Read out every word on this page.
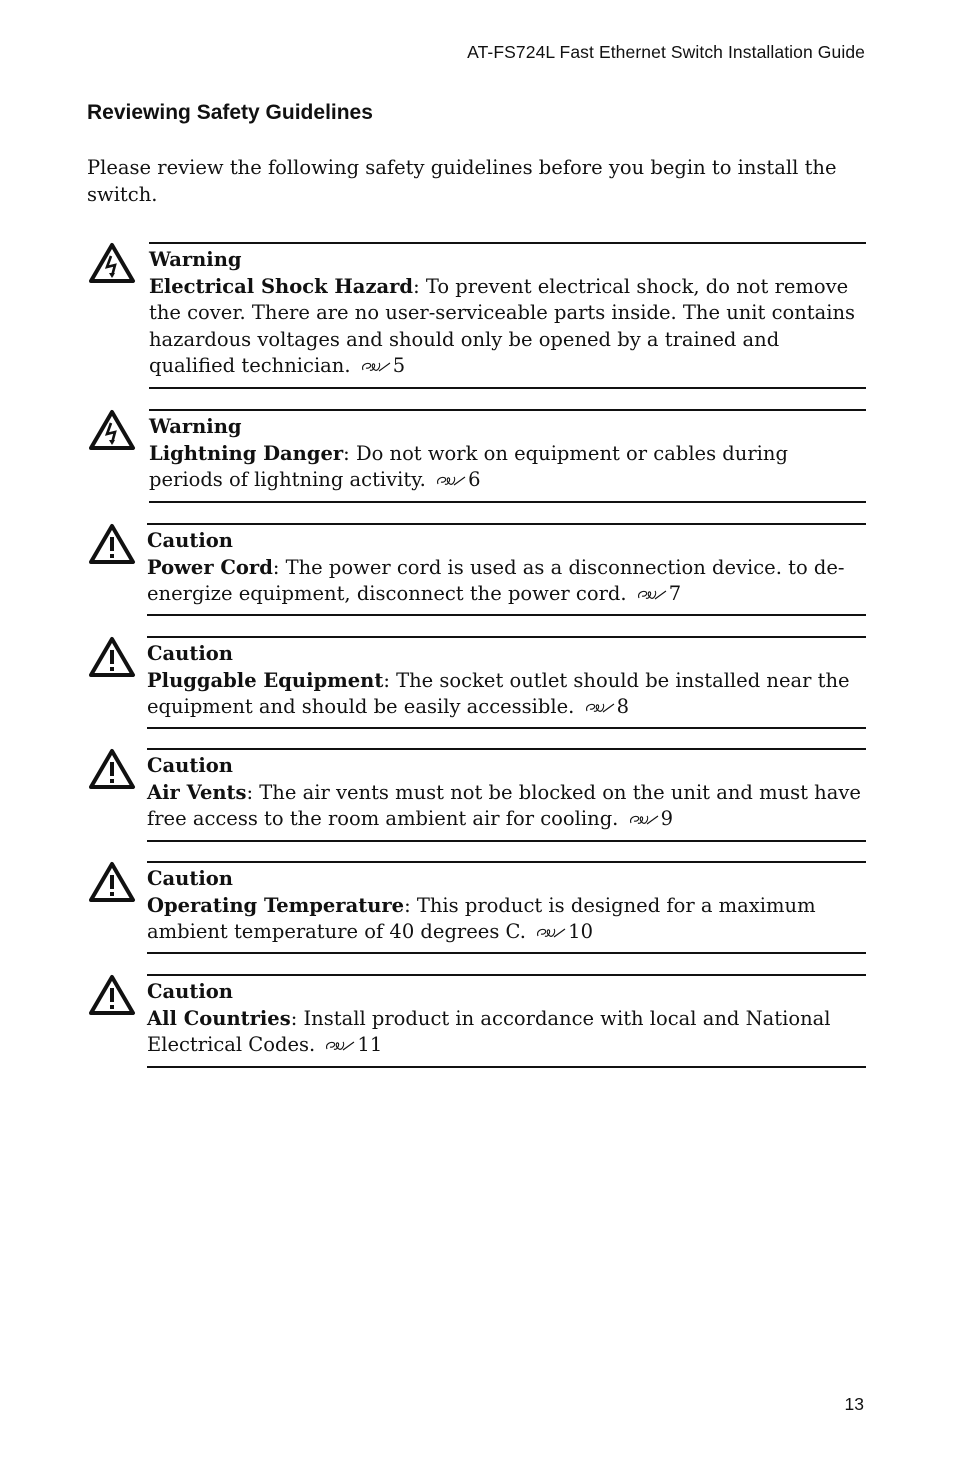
AT-FS724L Fast Ethernet Switch Installation Guide
Reviewing Safety Guidelines

Please review the following safety guidelines before you begin to install the switch.

Warning
Electrical Shock Hazard: To prevent electrical shock, do not remove the cover. There are no user-serviceable parts inside. The unit contains hazardous voltages and should only be opened by a trained and qualified technician. 5
Warning
Lightning Danger: Do not work on equipment or cables during periods of lightning activity. 6
Caution
Power Cord: The power cord is used as a disconnection device. to de-energize equipment, disconnect the power cord. 7
Caution
Pluggable Equipment: The socket outlet should be installed near the equipment and should be easily accessible. 8
Caution
Air Vents: The air vents must not be blocked on the unit and must have free access to the room ambient air for cooling. 9
Caution
Operating Temperature: This product is designed for a maximum ambient temperature of 40 degrees C. 10
Caution
All Countries: Install product in accordance with local and National Electrical Codes. 11
13
